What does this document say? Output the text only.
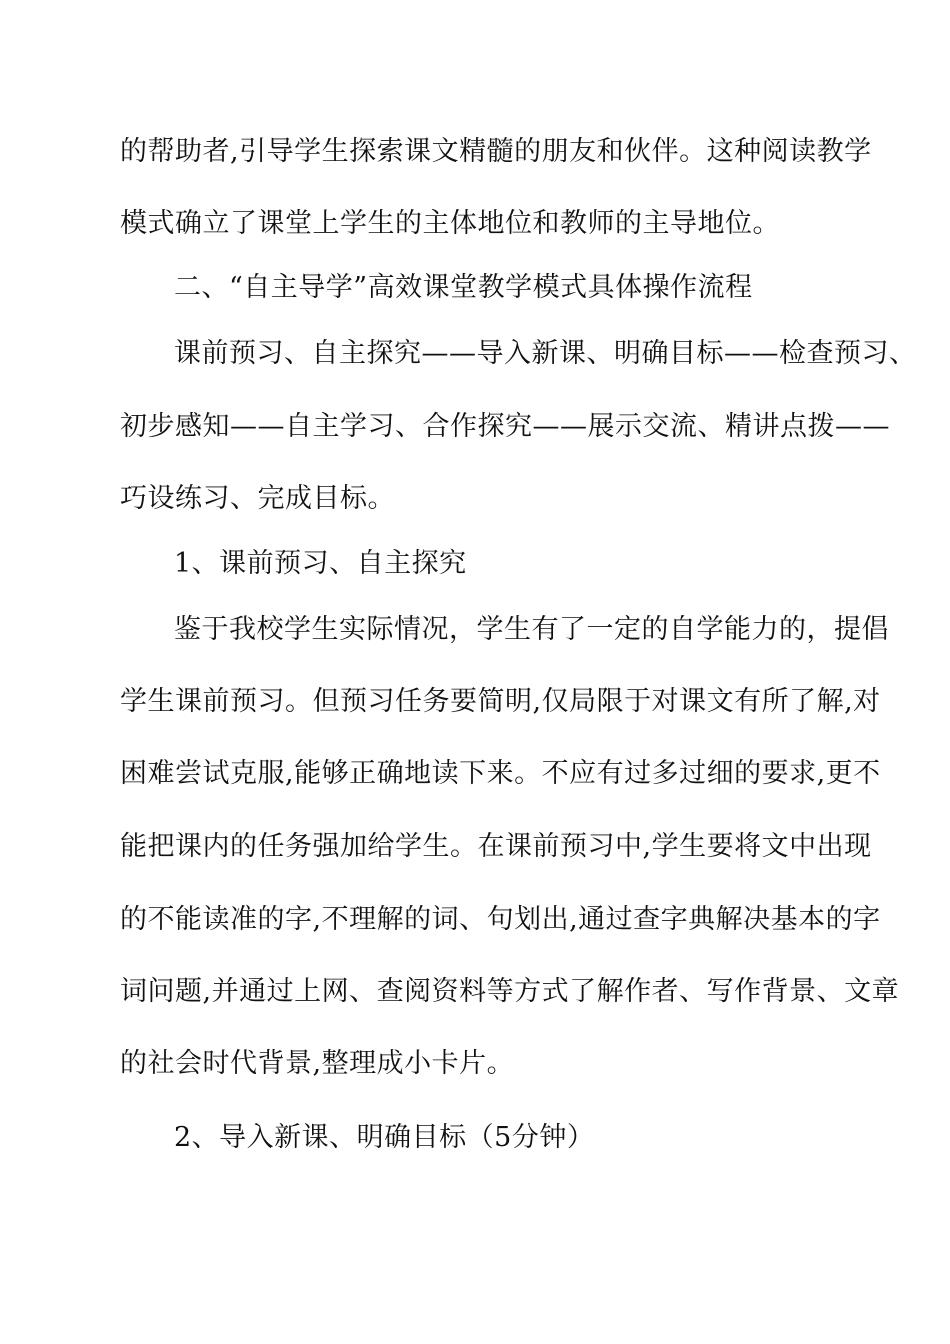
的帮助者,引导学生探索课文精髓的朋友和伙伴。这种阅读教学
模式确立了课堂上学生的主体地位和教师的主导地位。
二、“自主导学”高效课堂教学模式具体操作流程
课前预习、自主探究——导入新课、明确目标——检查预习、
初步感知——自主学习、合作探究——展示交流、精讲点拨——
巧设练习、完成目标。
1、课前预习、自主探究
鉴于我校学生实际情况，学生有了一定的自学能力的，提倡
学生课前预习。但预习任务要简明,仅局限于对课文有所了解,对
困难尝试克服,能够正确地读下来。不应有过多过细的要求,更不
能把课内的任务强加给学生。在课前预习中,学生要将文中出现
的不能读准的字,不理解的词、句划出,通过查字典解决基本的字
词问题,并通过上网、查阅资料等方式了解作者、写作背景、文章
的社会时代背景,整理成小卡片。
2、导入新课、明确目标（5分钟）
